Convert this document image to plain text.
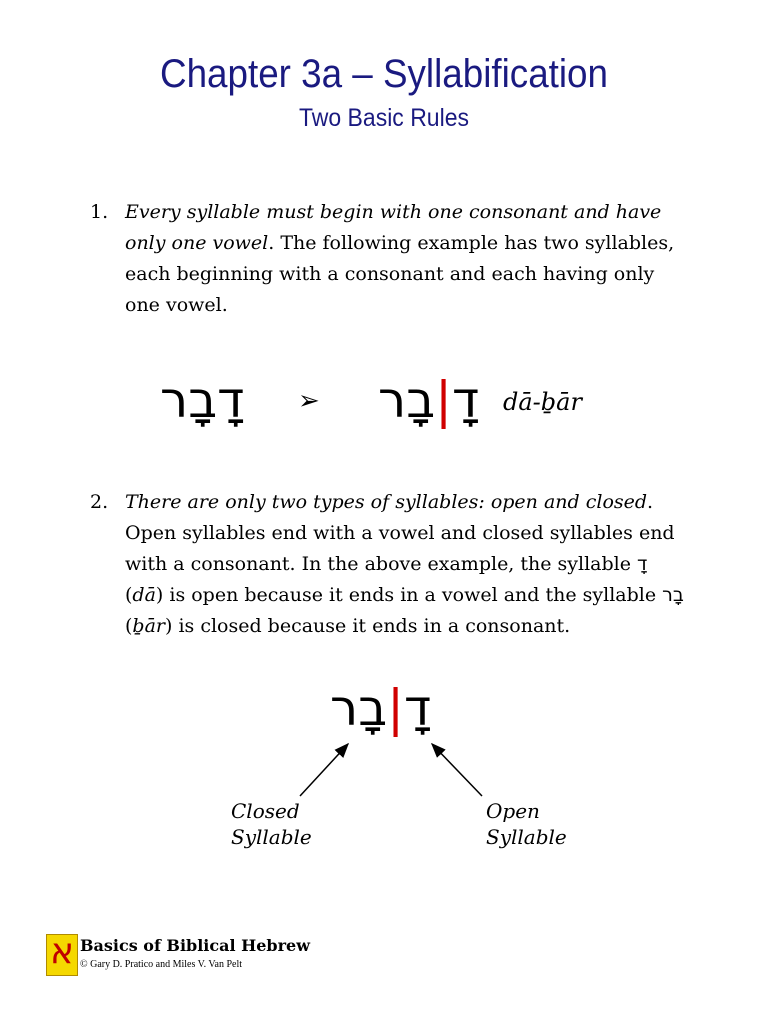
Chapter 3a – Syllabification
Two Basic Rules
1. Every syllable must begin with one consonant and have only one vowel. The following example has two syllables, each beginning with a consonant and each having only one vowel.
דָבָר ➢ בָר|דָ dā-ḇār
2. There are only two types of syllables: open and closed. Open syllables end with a vowel and closed syllables end with a consonant. In the above example, the syllable דָ (dā) is open because it ends in a vowel and the syllable בָר (ḇār) is closed because it ends in a consonant.
בָר|דָ
Closed
Syllable
Open
Syllable
א Basics of Biblical Hebrew
© Gary D. Pratico and Miles V. Van Pelt
